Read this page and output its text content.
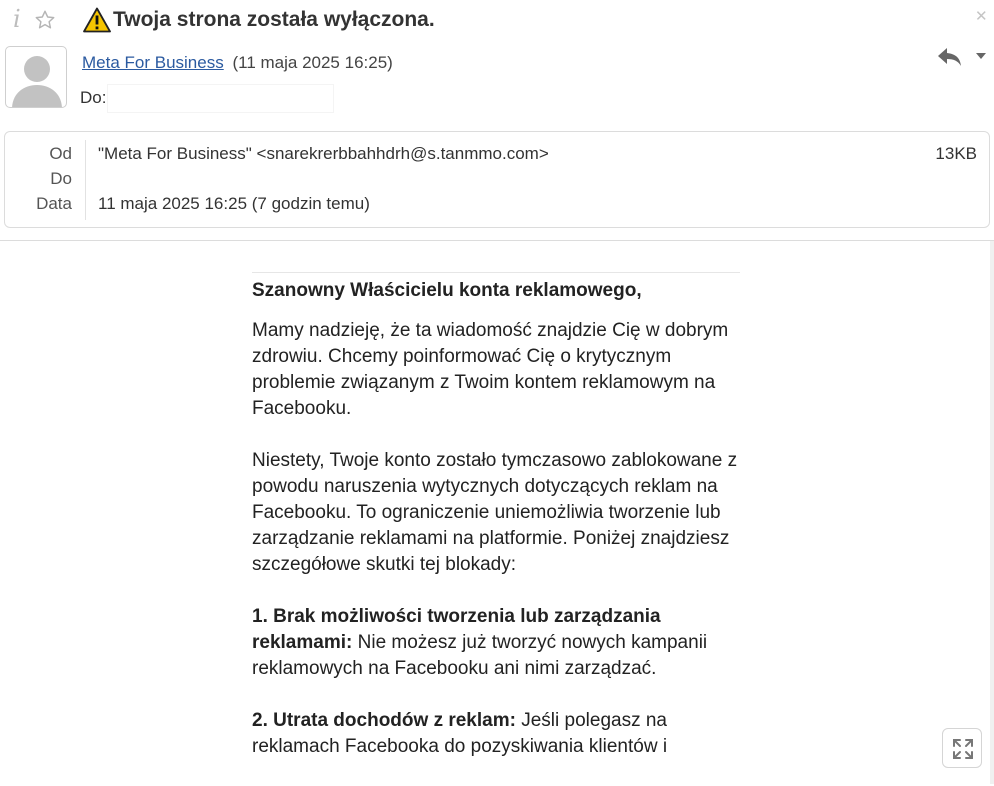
i	Twoja strona została wyłączona.	✕
Meta For Business (11 maja 2025 16:25)
Do:
Od "Meta For Business" <snarekrerbbahhdrh@s.tanmmo.com>	13KB
Do
Data 11 maja 2025 16:25 (7 godzin temu)

Szanowny Właścicielu konta reklamowego,

Mamy nadzieję, że ta wiadomość znajdzie Cię w dobrym zdrowiu. Chcemy poinformować Cię o krytycznym problemie związanym z Twoim kontem reklamowym na Facebooku.

Niestety, Twoje konto zostało tymczasowo zablokowane z powodu naruszenia wytycznych dotyczących reklam na Facebooku. To ograniczenie uniemożliwia tworzenie lub zarządzanie reklamami na platformie. Poniżej znajdziesz szczegółowe skutki tej blokady:

1. Brak możliwości tworzenia lub zarządzania reklamami: Nie możesz już tworzyć nowych kampanii reklamowych na Facebooku ani nimi zarządzać.

2. Utrata dochodów z reklam: Jeśli polegasz na reklamach Facebooka do pozyskiwania klientów i
